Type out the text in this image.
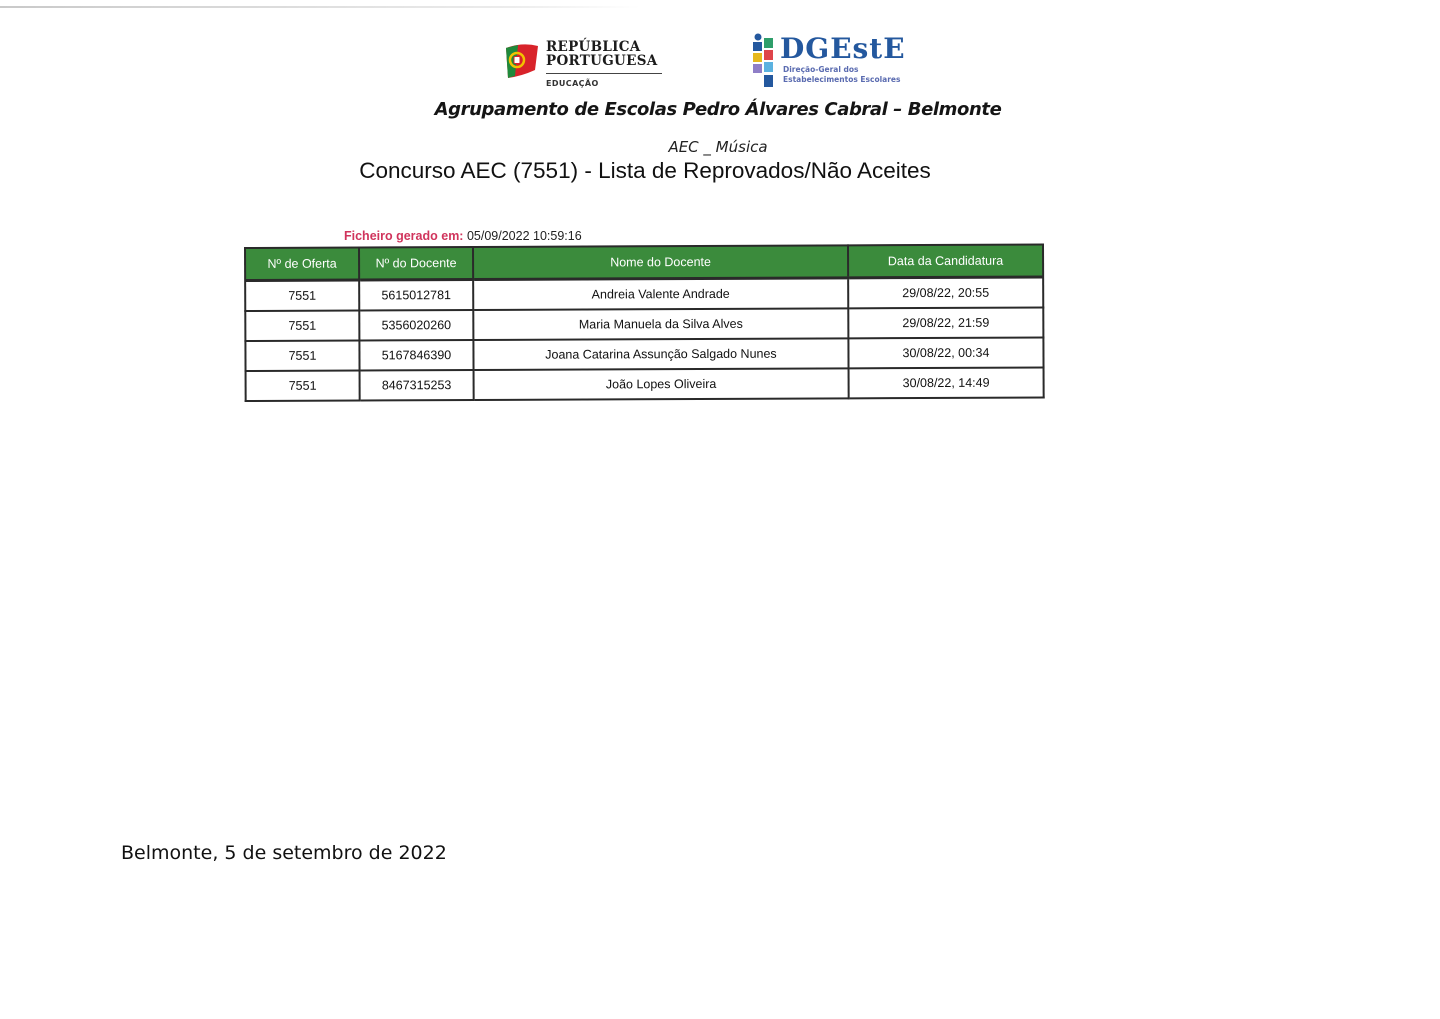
REPÚBLICA
PORTUGUESA
EDUCAÇÃO
DGEstE
Direção-Geral dos
Estabelecimentos Escolares
Agrupamento de Escolas Pedro Álvares Cabral – Belmonte
AEC _ Música
Concurso AEC (7551) - Lista de Reprovados/Não Aceites
Ficheiro gerado em: 05/09/2022 10:59:16
Nº de Oferta	Nº do Docente	Nome do Docente	Data da Candidatura
7551	5615012781	Andreia Valente Andrade	29/08/22, 20:55
7551	5356020260	Maria Manuela da Silva Alves	29/08/22, 21:59
7551	5167846390	Joana Catarina Assunção Salgado Nunes	30/08/22, 00:34
7551	8467315253	João Lopes Oliveira	30/08/22, 14:49
Belmonte, 5 de setembro de 2022
